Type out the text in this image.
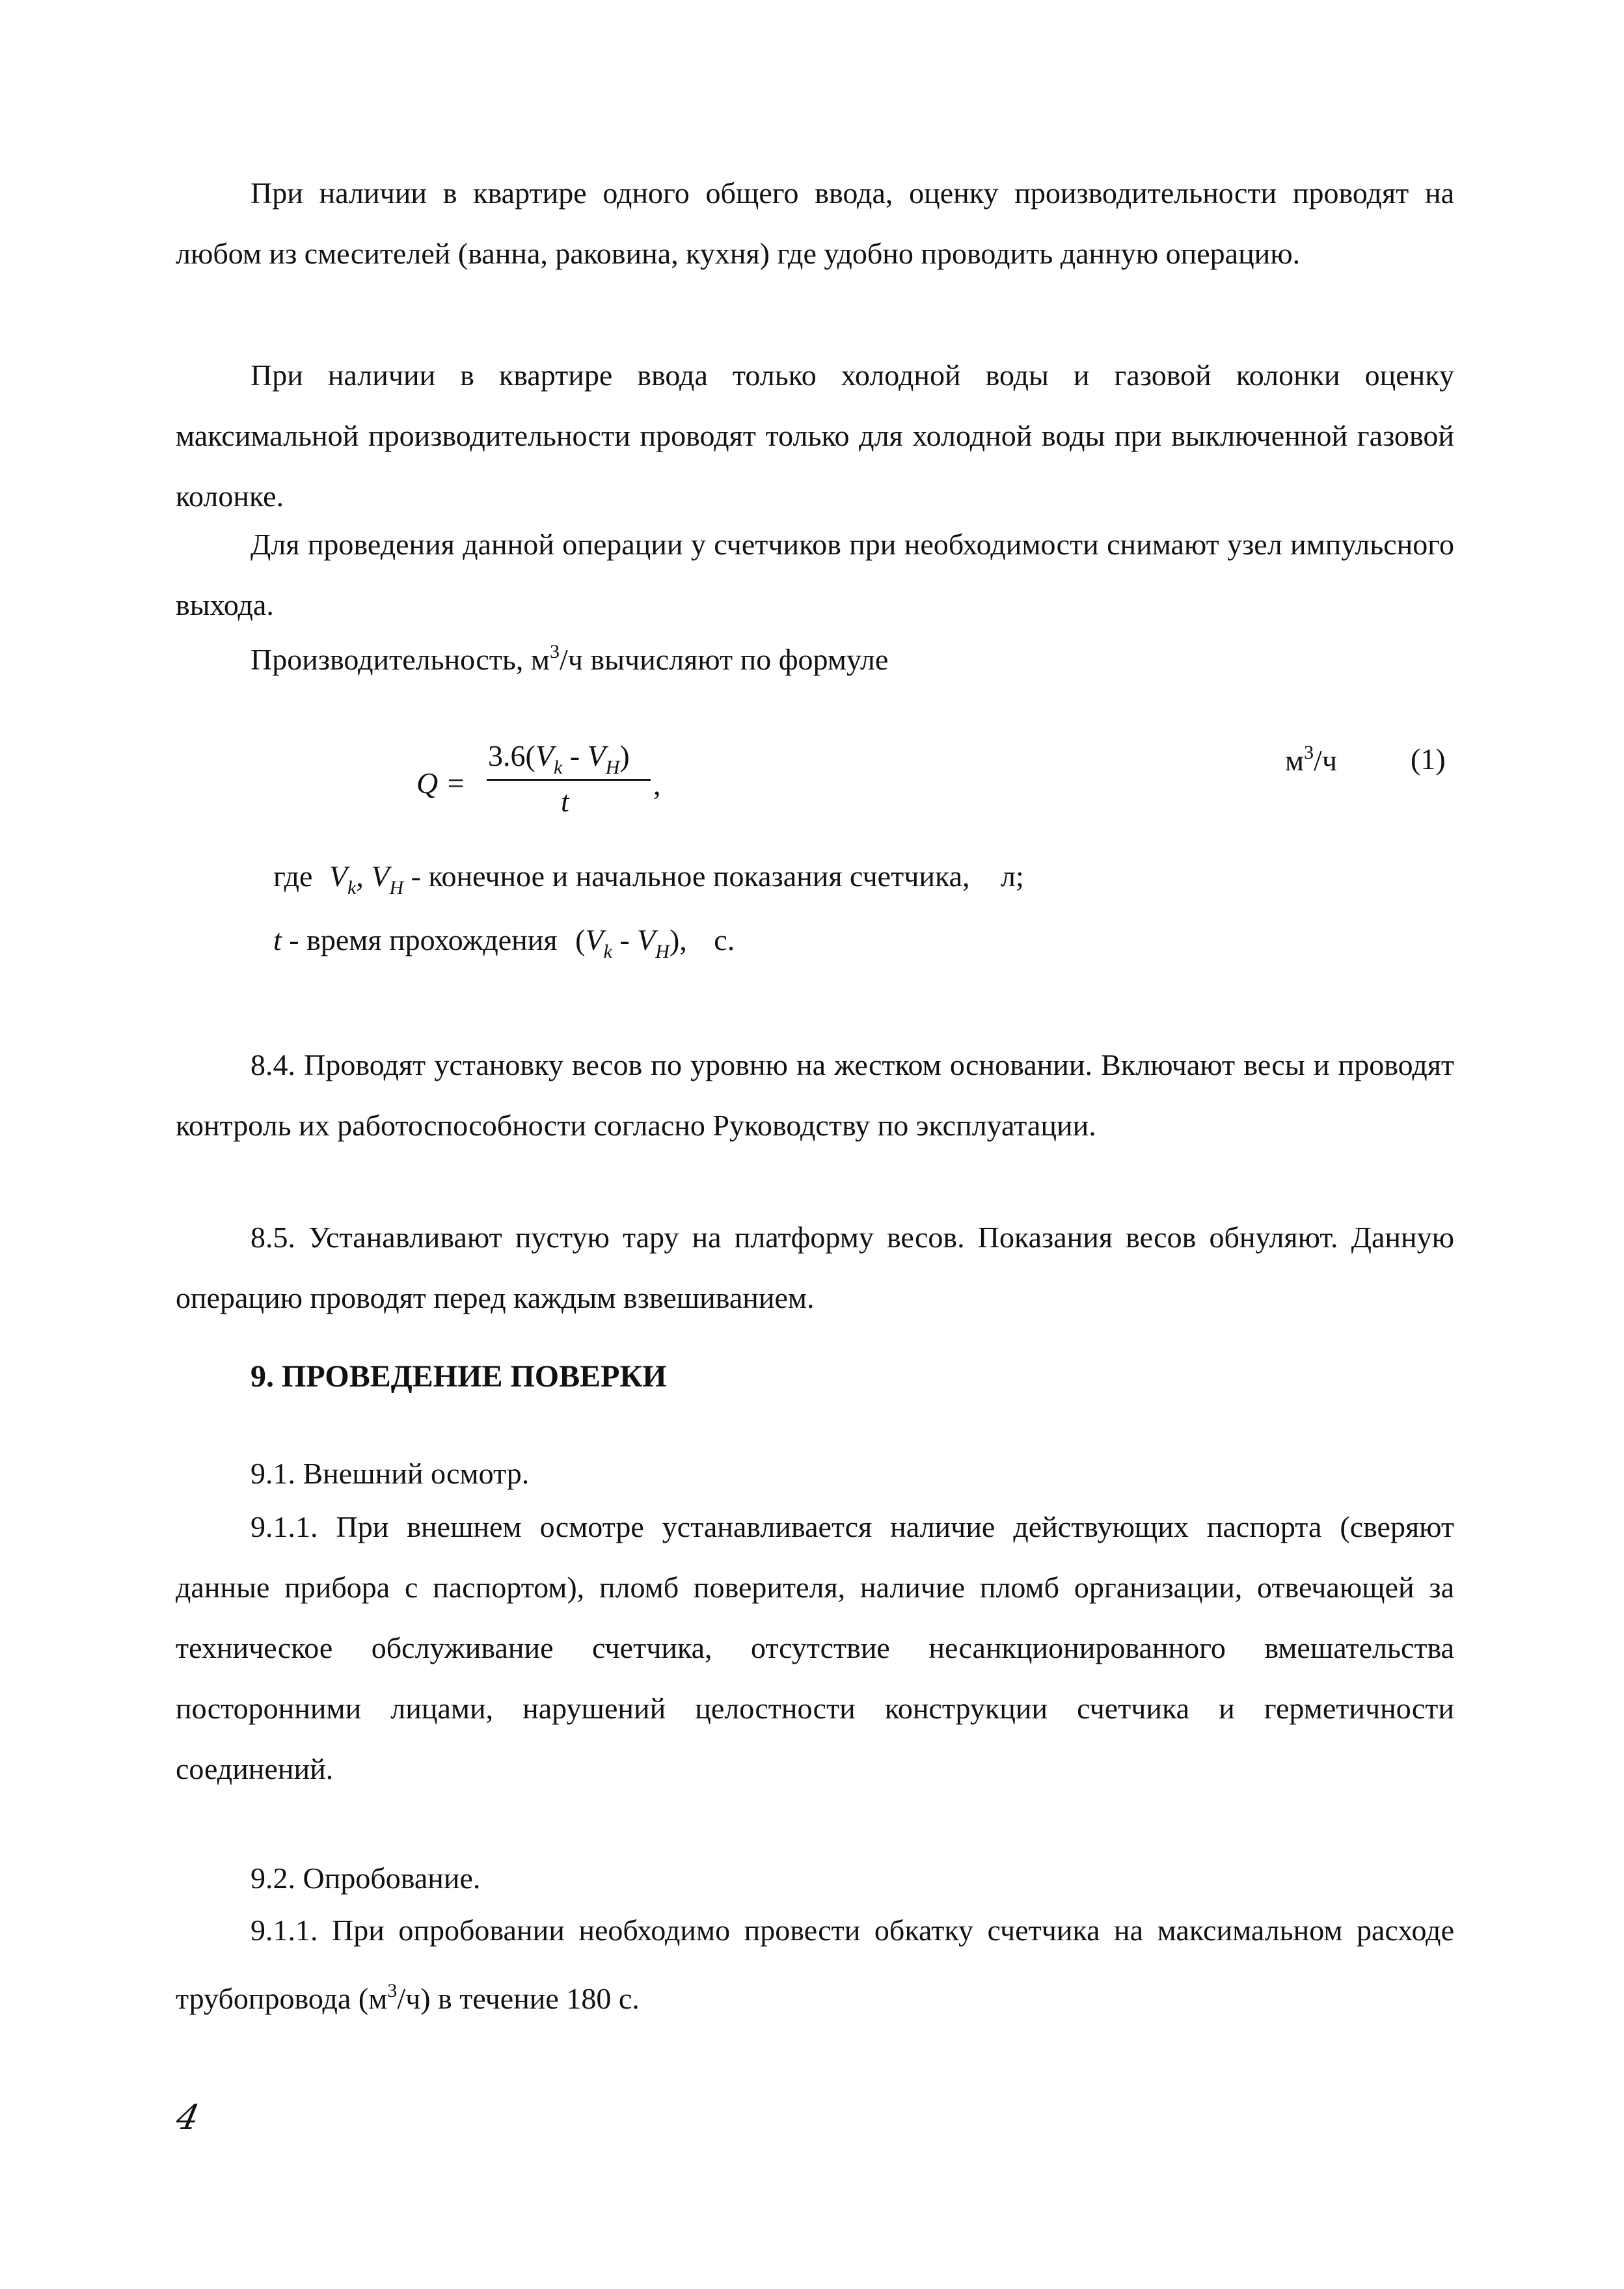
При наличии в квартире одного общего ввода, оценку производительности проводят на любом из смесителей (ванна, раковина, кухня) где удобно проводить данную операцию.

При наличии в квартире ввода только холодной воды и газовой колонки оценку максимальной производительности проводят только для холодной воды при выключенной газовой колонке.

Для проведения данной операции у счетчиков при необходимости снимают узел импульсного выхода.

Производительность, $м^3/ч$ вычисляют по формуле

Q =
$3.6(V_k - V_Н)$
t
,
$м^3/ч$ (1)
где $V_k$, $V_Н$ - конечное и начальное показания счетчика, л;
t - время прохождения $(V_k - V_Н)$, с.

8.4. Проводят установку весов по уровню на жестком основании. Включают весы и проводят контроль их работоспособности согласно Руководству по эксплуатации.

8.5. Устанавливают пустую тару на платформу весов. Показания весов обнуляют. Данную операцию проводят перед каждым взвешиванием.

9. ПРОВЕДЕНИЕ ПОВЕРКИ

9.1. Внешний осмотр.

9.1.1. При внешнем осмотре устанавливается наличие действующих паспорта (сверяют данные прибора с паспортом), пломб поверителя, наличие пломб организации, отвечающей за техническое обслуживание счетчика, отсутствие несанкционированного вмешательства посторонними лицами, нарушений целостности конструкции счетчика и герметичности соединений.

9.2. Опробование.

9.1.1. При опробовании необходимо провести обкатку счетчика на максимальном расходе трубопровода $(м^3/ч)$ в течение 180 с.

4
